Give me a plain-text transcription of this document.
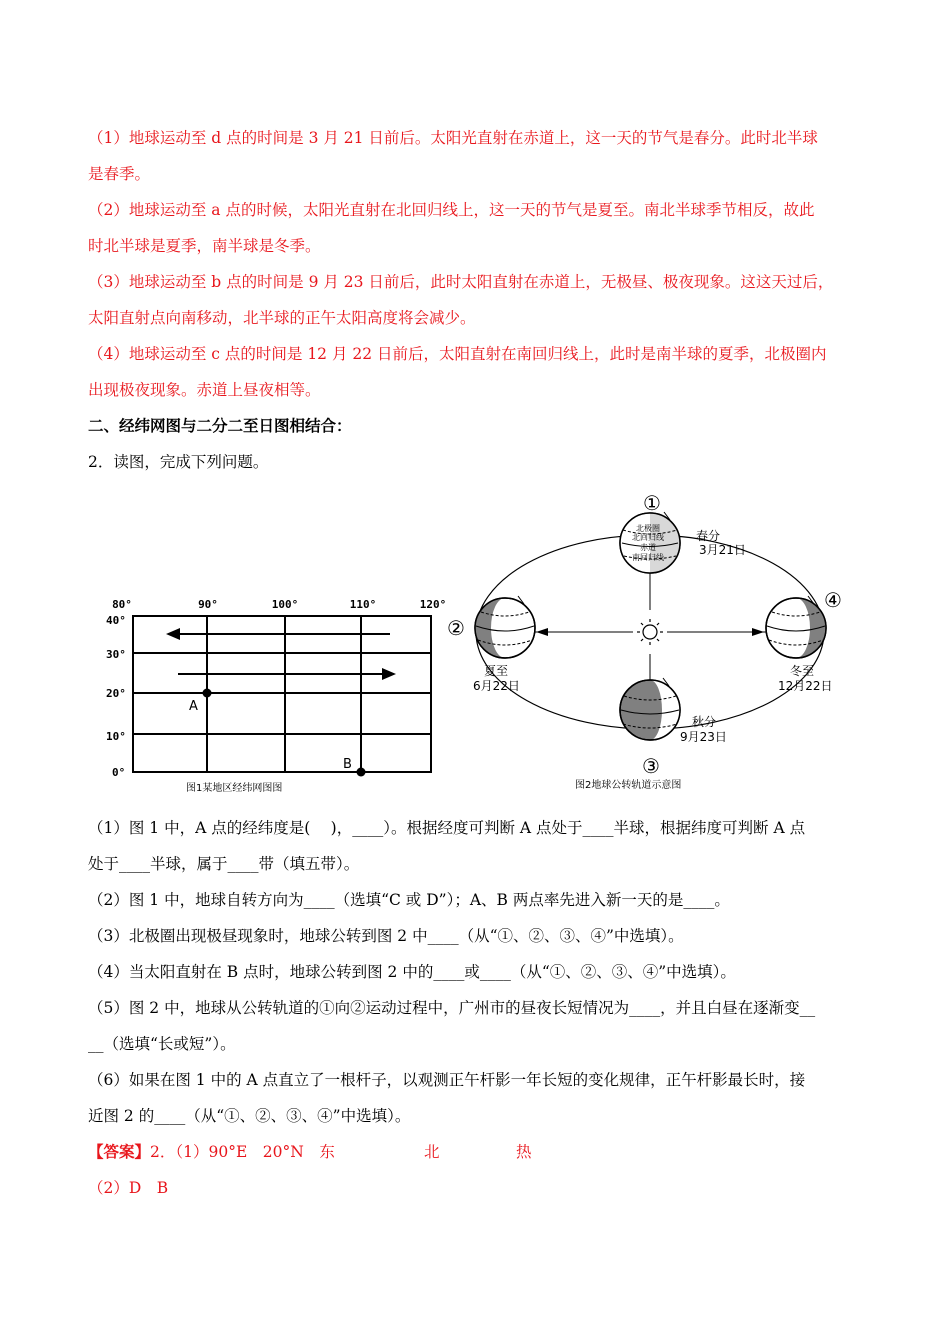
（1）地球运动至 d 点的时间是 3 月 21 日前后。太阳光直射在赤道上，这一天的节气是春分。此时北半球
是春季。
（2）地球运动至 a 点的时候，太阳光直射在北回归线上，这一天的节气是夏至。南北半球季节相反，故此
时北半球是夏季，南半球是冬季。
（3）地球运动至 b 点的时间是 9 月 23 日前后，此时太阳直射在赤道上，无极昼、极夜现象。这这天过后，
太阳直射点向南移动，北半球的正午太阳高度将会减少。
（4）地球运动至 c 点的时间是 12 月 22 日前后，太阳直射在南回归线上，此时是南半球的夏季，北极圈内
出现极夜现象。赤道上昼夜相等。
二、经纬网图与二分二至日图相结合：
2．读图，完成下列问题。
80°	90°	100°	110°	120°
40°
30°
20°
10°
0°
A
B
图1某地区经纬网图图
北极圈
北回归线
赤道
南回归线
①
春分
3月21日
②
夏至
6月22日
秋分
9月23日
③
④
冬至
12月22日
图2地球公转轨道示意图
（1）图 1 中，A 点的经纬度是(　 )，____）。根据经度可判断 A 点处于____半球，根据纬度可判断 A 点
处于____半球，属于____带（填五带）。
（2）图 1 中，地球自转方向为____（选填“C 或 D”）；A、B 两点率先进入新一天的是____。
（3）北极圈出现极昼现象时，地球公转到图 2 中____（从“①、②、③、④”中选填）。
（4）当太阳直射在 B 点时，地球公转到图 2 中的____或____（从“①、②、③、④”中选填）。
（5）图 2 中，地球从公转轨道的①向②运动过程中，广州市的昼夜长短情况为____，并且白昼在逐渐变__
__（选填“长或短”）。
（6）如果在图 1 中的 A 点直立了一根杆子，以观测正午杆影一年长短的变化规律，正午杆影最长时，接
近图 2 的____（从“①、②、③、④”中选填）。
【答案】2．（1）90°E　20°N　东	北	热
（2）D　B
